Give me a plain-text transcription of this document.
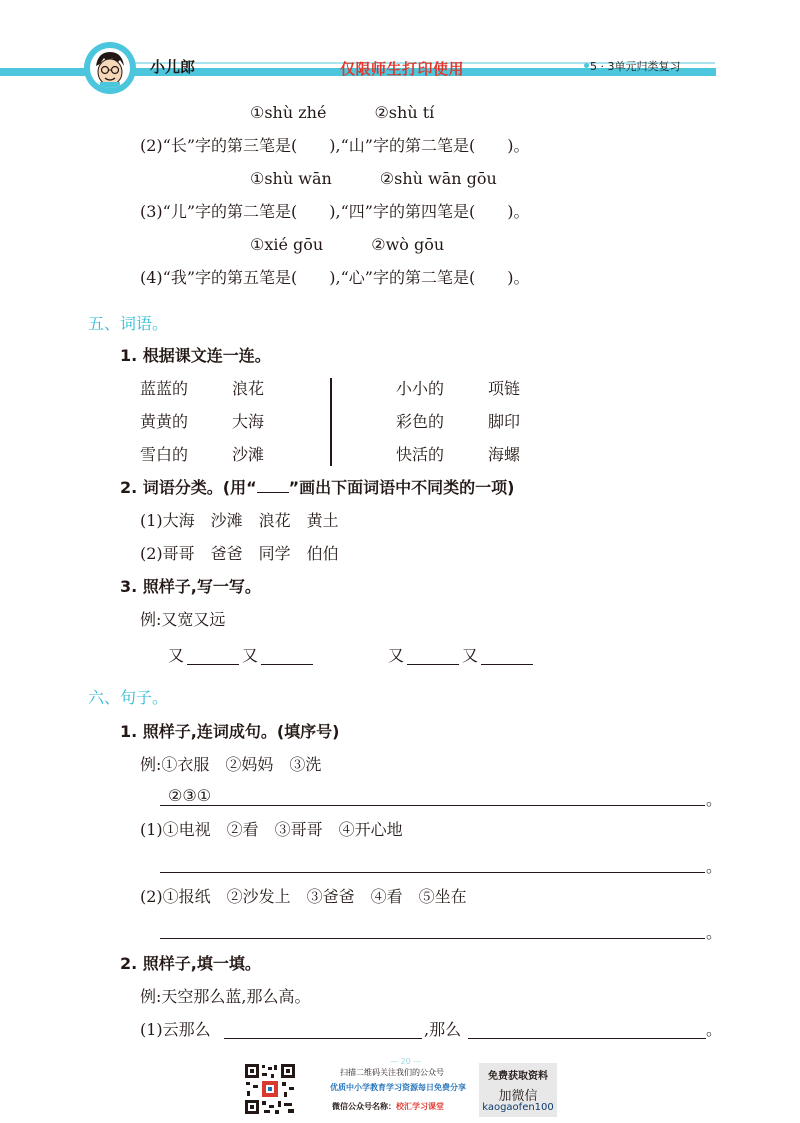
小儿郎	仅限师生打印使用	5 · 3单元归类复习
①shù zhé　　　②shù tí
(2)“长”字的第三笔是(　　),“山”字的第二笔是(　　)。
①shù wān　　　②shù wān gōu
(3)“儿”字的第二笔是(　　),“四”字的第四笔是(　　)。
①xié gōu　　　②wò gōu
(4)“我”字的第五笔是(　　),“心”字的第二笔是(　　)。
五、词语。
1. 根据课文连一连。
蓝蓝的	浪花
黄黄的	大海
雪白的	沙滩
小小的	项链
彩色的	脚印
快活的	海螺
2. 词语分类。(用“ ”画出下面词语中不同类的一项)
(1)大海　沙滩　浪花　黄土
(2)哥哥　爸爸　同学　伯伯
3. 照样子,写一写。
例:又宽又远
又	又	又	又
六、句子。
1. 照样子,连词成句。(填序号)
例:①衣服　②妈妈　③洗
②③①	。
(1)①电视　②看　③哥哥　④开心地
。
(2)①报纸　②沙发上　③爸爸　④看　⑤坐在
。
2. 照样子,填一填。
例:天空那么蓝,那么高。
(1)云那么	,那么	。
扫描二维码关注我们的公众号
优质中小学教育学习资源每日免费分享
微信公众号名称：校汇学习课堂
— 20 —
免费获取资料
加微信
kaogaofen100
